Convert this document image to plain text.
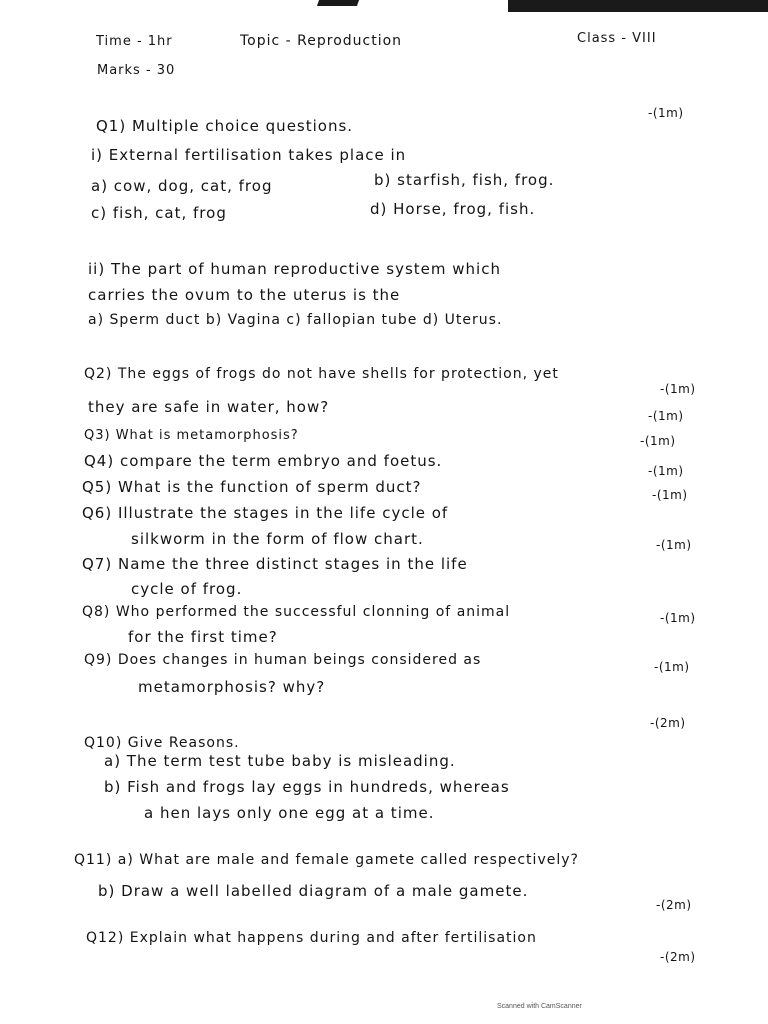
Time - 1hr	Topic - Reproduction	Class - VIII
Marks - 30
Q1) Multiple choice questions.
-(1m)
i) External fertilisation takes place in
a) cow, dog, cat, frog	b) starfish, fish, frog.
c) fish, cat, frog	d) Horse, frog, fish.
ii) The part of human reproductive system which
carries the ovum to the uterus is the
a) Sperm duct b) Vagina c) fallopian tube d) Uterus.
Q2) The eggs of frogs do not have shells for protection, yet
-(1m)
they are safe in water, how?
Q3) What is metamorphosis?
-(1m)
Q4) compare the term embryo and foetus.
-(1m)
Q5) What is the function of sperm duct?
-(1m)
Q6) Illustrate the stages in the life cycle of
-(1m)
silkworm in the form of flow chart.
Q7) Name the three distinct stages in the life
-(1m)
cycle of frog.
Q8) Who performed the successful clonning of animal	-(1m)
for the first time?
Q9) Does changes in human beings considered as	-(1m)
metamorphosis? why?
-(2m)
Q10) Give Reasons.
a) The term test tube baby is misleading.
b) Fish and frogs lay eggs in hundreds, whereas
a hen lays only one egg at a time.
Q11) a) What are male and female gamete called respectively?
b) Draw a well labelled diagram of a male gamete.
-(2m)
Q12) Explain what happens during and after fertilisation
-(2m)
Scanned with CamScanner
